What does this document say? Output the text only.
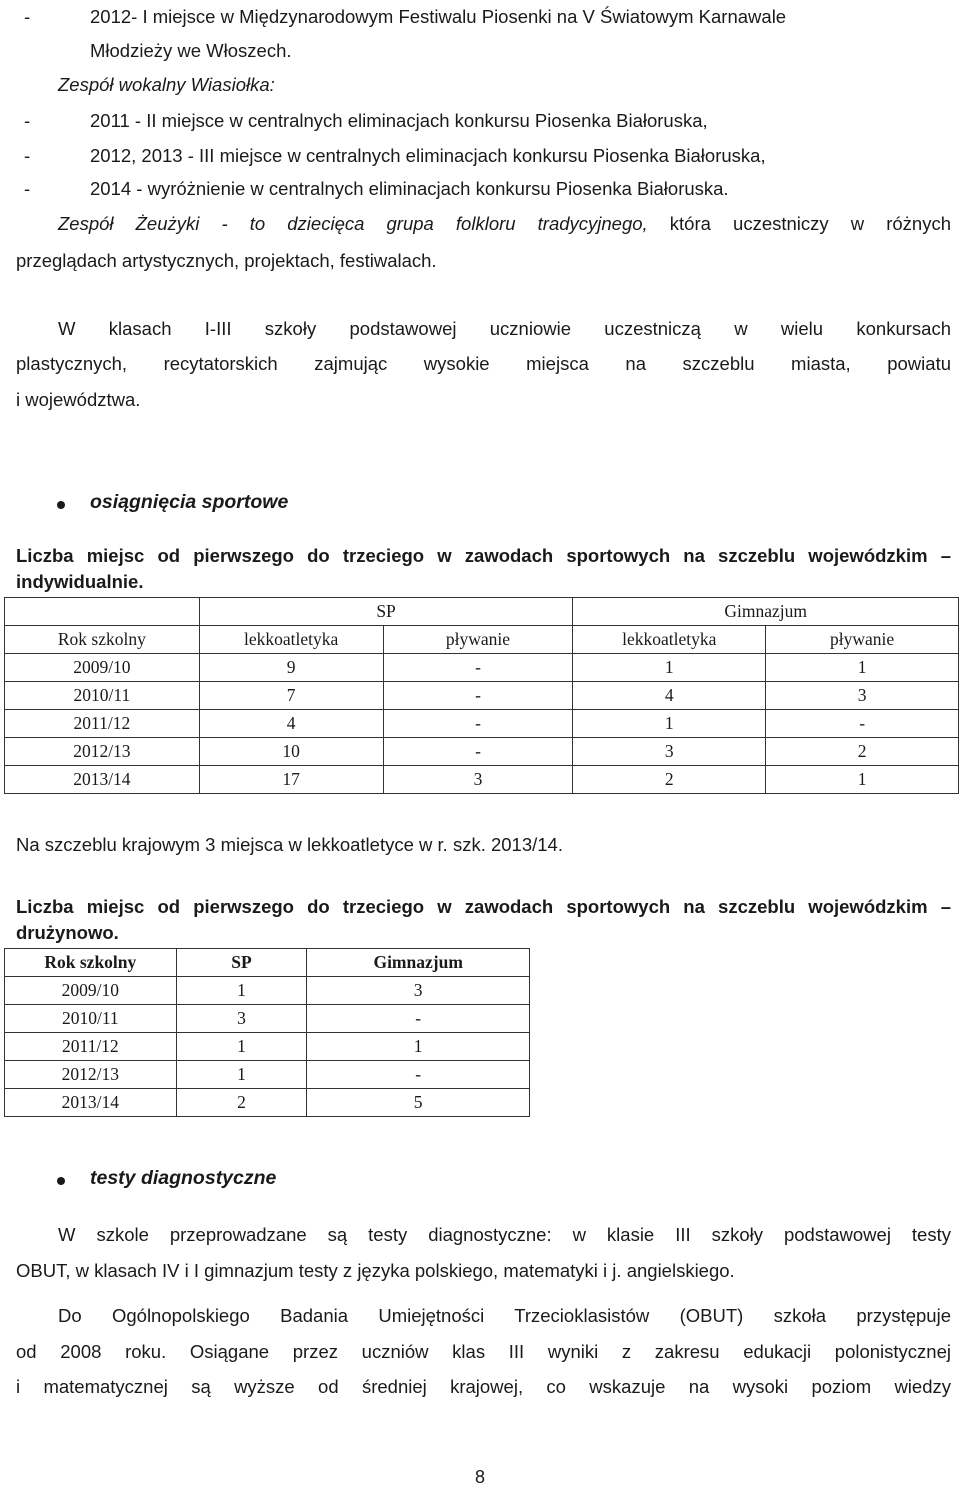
-	2012- I miejsce w Międzynarodowym Festiwalu Piosenki na V Światowym Karnawale
Młodzieży we Włoszech.
Zespół wokalny Wiasiołka:
-	2011 - II miejsce w centralnych eliminacjach konkursu Piosenka Białoruska,
-	2012, 2013 - III miejsce w centralnych eliminacjach konkursu Piosenka Białoruska,
-	2014 - wyróżnienie w centralnych eliminacjach konkursu Piosenka Białoruska.
Zespół Żeużyki - to dziecięca grupa folkloru tradycyjnego, która uczestniczy w różnych
przeglądach artystycznych, projektach, festiwalach.
W klasach I-III szkoły podstawowej uczniowie uczestniczą w wielu konkursach
plastycznych, recytatorskich zajmując wysokie miejsca na szczeblu miasta, powiatu
i województwa.
osiągnięcia sportowe
Liczba miejsc od pierwszego do trzeciego w zawodach sportowych na szczeblu wojewódzkim –
indywidualnie.
	SP		Gimnazjum	
Rok szkolny	lekkoatletyka	pływanie	lekkoatletyka	pływanie
2009/10	9	-	1	1
2010/11	7	-	4	3
2011/12	4	-	1	-
2012/13	10	-	3	2
2013/14	17	3	2	1
Na szczeblu krajowym 3 miejsca w lekkoatletyce w r. szk. 2013/14.
Liczba miejsc od pierwszego do trzeciego w zawodach sportowych na szczeblu wojewódzkim –
drużynowo.
Rok szkolny	SP	Gimnazjum
2009/10	1	3
2010/11	3	-
2011/12	1	1
2012/13	1	-
2013/14	2	5
testy diagnostyczne
W szkole przeprowadzane są testy diagnostyczne: w klasie III szkoły podstawowej testy
OBUT, w klasach IV i I gimnazjum testy z języka polskiego, matematyki i j. angielskiego.
Do Ogólnopolskiego Badania Umiejętności Trzecioklasistów (OBUT) szkoła przystępuje
od 2008 roku. Osiągane przez uczniów klas III wyniki z zakresu edukacji polonistycznej
i matematycznej są wyższe od średniej krajowej, co wskazuje na wysoki poziom wiedzy
8
